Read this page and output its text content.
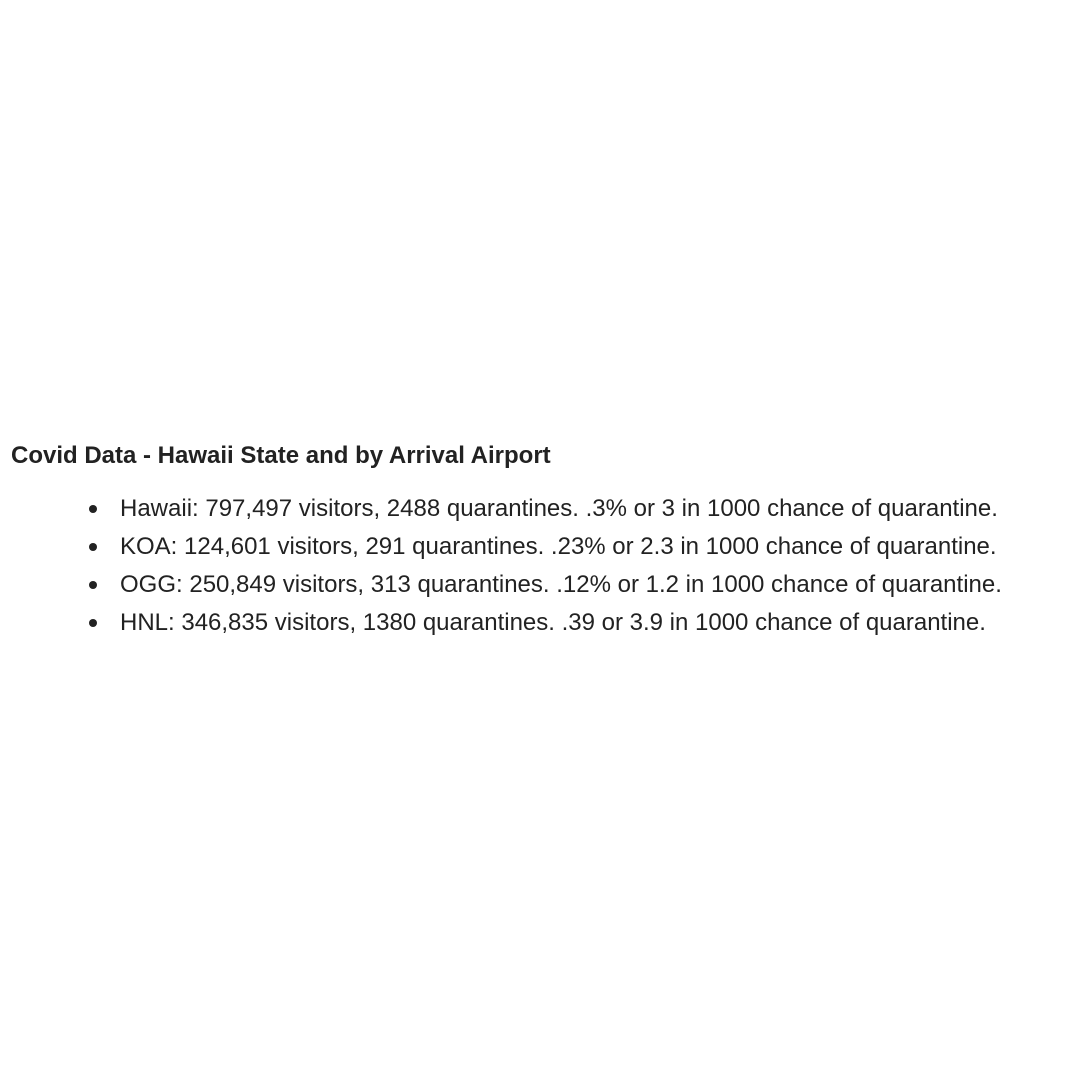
Covid Data - Hawaii State and by Arrival Airport
Hawaii: 797,497 visitors, 2488 quarantines. .3% or 3 in 1000 chance of quarantine.
KOA: 124,601 visitors, 291 quarantines. .23% or 2.3 in 1000 chance of quarantine.
OGG: 250,849 visitors, 313 quarantines. .12% or 1.2 in 1000 chance of quarantine.
HNL: 346,835 visitors, 1380 quarantines. .39 or 3.9 in 1000 chance of quarantine.
